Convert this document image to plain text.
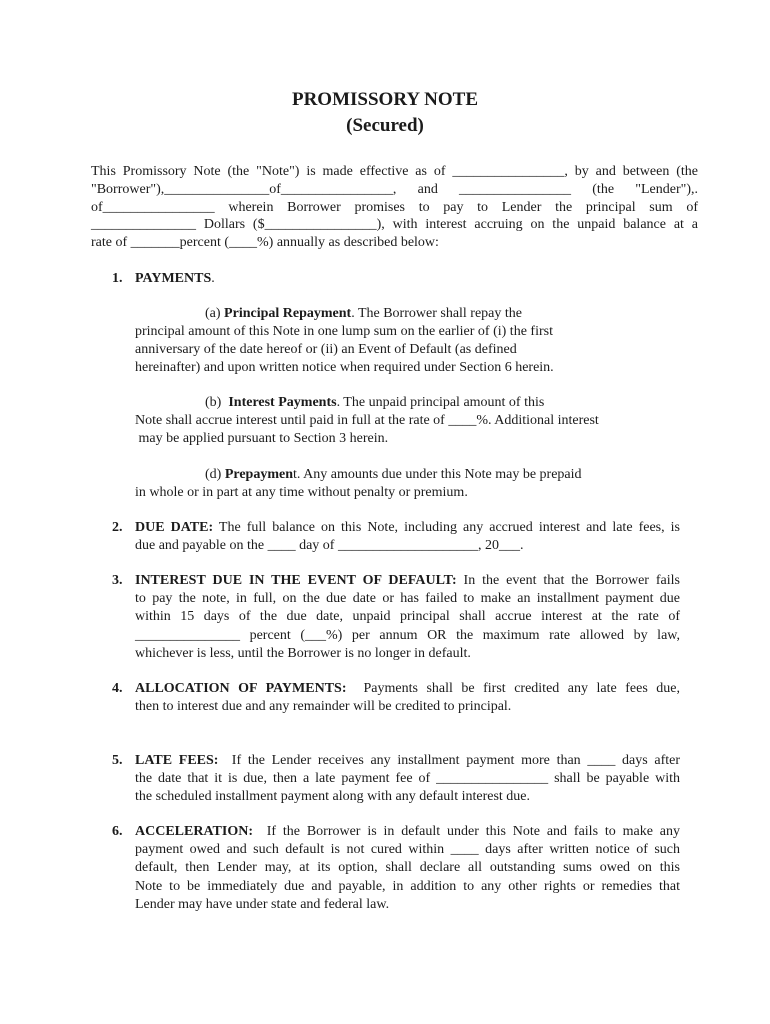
PROMISSORY NOTE
(Secured)
This Promissory Note (the "Note") is made effective as of ________________, by and between (the
"Borrower"),_______________of________________, and ________________ (the "Lender"),.
of________________ wherein Borrower promises to pay to Lender the principal sum of
_______________ Dollars ($________________), with interest accruing on the unpaid balance at a
rate of _______percent (____%) annually as described below:
1. PAYMENTS.
(a) Principal Repayment. The Borrower shall repay the
principal amount of this Note in one lump sum on the earlier of (i) the first
anniversary of the date hereof or (ii) an Event of Default (as defined
hereinafter) and upon written notice when required under Section 6 herein.
(b)  Interest Payments. The unpaid principal amount of this
Note shall accrue interest until paid in full at the rate of ____%. Additional interest
may be applied pursuant to Section 3 herein.
(d) Prepayment. Any amounts due under this Note may be prepaid
in whole or in part at any time without penalty or premium.
2. DUE DATE: The full balance on this Note, including any accrued interest and late fees, is
due and payable on the ____ day of ____________________, 20___.
3. INTEREST DUE IN THE EVENT OF DEFAULT: In the event that the Borrower fails
to pay the note, in full, on the due date or has failed to make an installment payment due
within 15 days of the due date, unpaid principal shall accrue interest at the rate of
_______________ percent (___%) per annum OR the maximum rate allowed by law,
whichever is less, until the Borrower is no longer in default.
4. ALLOCATION OF PAYMENTS:  Payments shall be first credited any late fees due,
then to interest due and any remainder will be credited to principal.
5. LATE FEES:  If the Lender receives any installment payment more than ____ days after
the date that it is due, then a late payment fee of ________________ shall be payable with
the scheduled installment payment along with any default interest due.
6. ACCELERATION:  If the Borrower is in default under this Note and fails to make any
payment owed and such default is not cured within ____ days after written notice of such
default, then Lender may, at its option, shall declare all outstanding sums owed on this
Note to be immediately due and payable, in addition to any other rights or remedies that
Lender may have under state and federal law.
